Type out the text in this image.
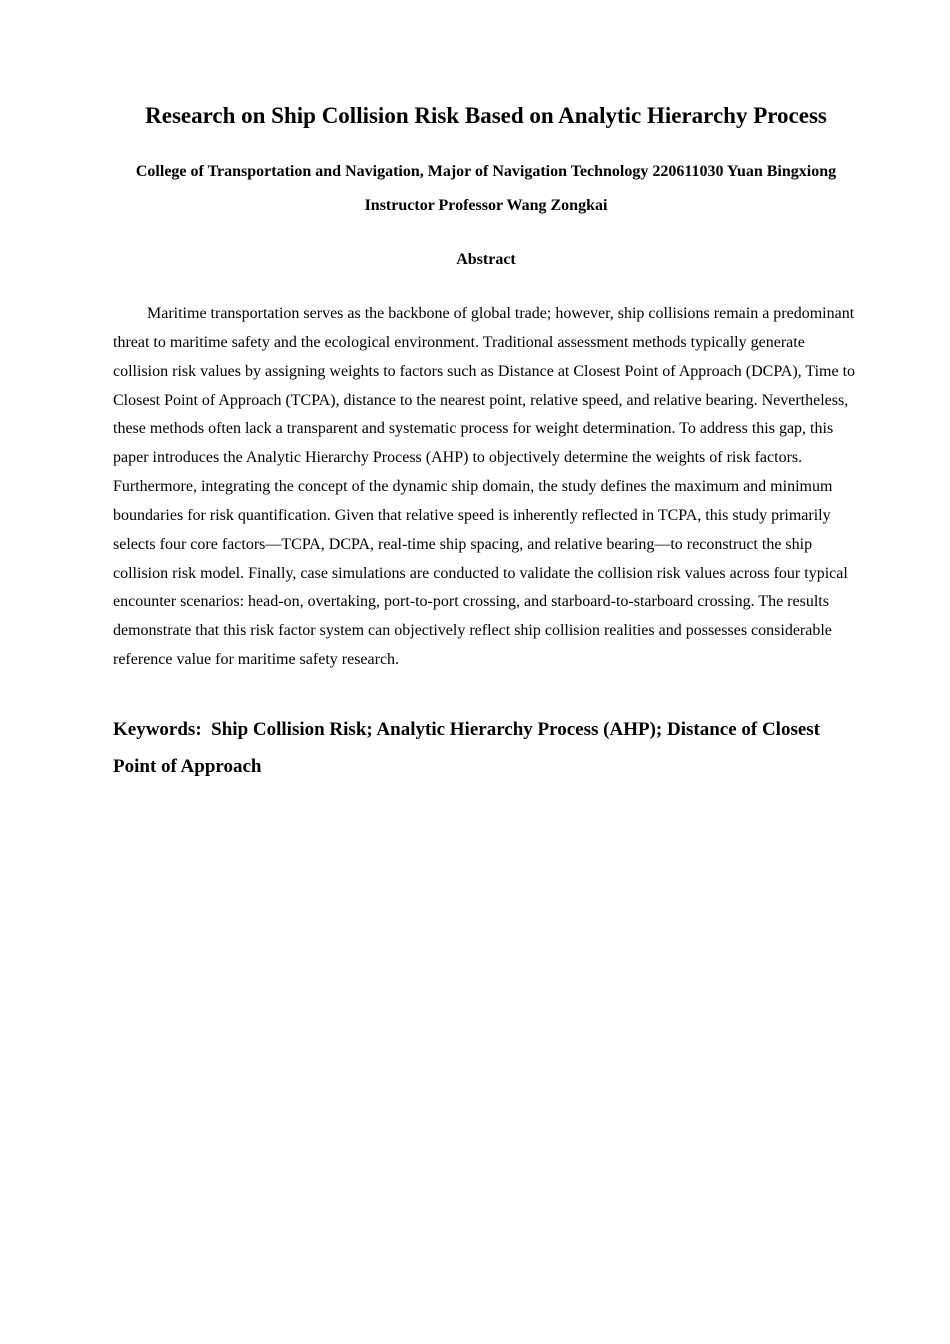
Research on Ship Collision Risk Based on Analytic Hierarchy Process

College of Transportation and Navigation, Major of Navigation Technology 220611030 Yuan Bingxiong

Instructor Professor Wang Zongkai

Abstract

Maritime transportation serves as the backbone of global trade; however, ship collisions remain a predominant threat to maritime safety and the ecological environment. Traditional assessment methods typically generate collision risk values by assigning weights to factors such as Distance at Closest Point of Approach (DCPA), Time to Closest Point of Approach (TCPA), distance to the nearest point, relative speed, and relative bearing. Nevertheless, these methods often lack a transparent and systematic process for weight determination. To address this gap, this paper introduces the Analytic Hierarchy Process (AHP) to objectively determine the weights of risk factors. Furthermore, integrating the concept of the dynamic ship domain, the study defines the maximum and minimum boundaries for risk quantification. Given that relative speed is inherently reflected in TCPA, this study primarily selects four core factors—TCPA, DCPA, real-time ship spacing, and relative bearing—to reconstruct the ship collision risk model. Finally, case simulations are conducted to validate the collision risk values across four typical encounter scenarios: head-on, overtaking, port-to-port crossing, and starboard-to-starboard crossing. The results demonstrate that this risk factor system can objectively reflect ship collision realities and possesses considerable reference value for maritime safety research.

Keywords:  Ship Collision Risk; Analytic Hierarchy Process (AHP); Distance of Closest Point of Approach
